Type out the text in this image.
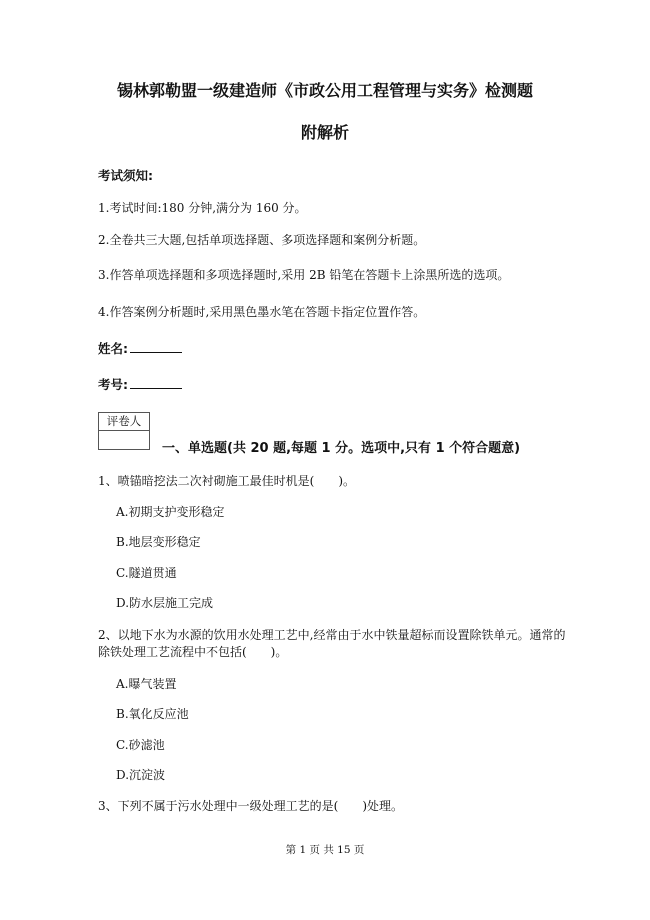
锡林郭勒盟一级建造师《市政公用工程管理与实务》检测题
附解析
考试须知:
1.考试时间:180 分钟,满分为 160 分。
2.全卷共三大题,包括单项选择题、多项选择题和案例分析题。
3.作答单项选择题和多项选择题时,采用 2B 铅笔在答题卡上涂黑所选的选项。
4.作答案例分析题时,采用黑色墨水笔在答题卡指定位置作答。
姓名:
考号:
评卷人
一、单选题(共 20 题,每题 1 分。选项中,只有 1 个符合题意)
1、喷锚暗挖法二次衬砌施工最佳时机是(　　)。
A.初期支护变形稳定
B.地层变形稳定
C.隧道贯通
D.防水层施工完成
2、以地下水为水源的饮用水处理工艺中,经常由于水中铁量超标而设置除铁单元。通常的
除铁处理工艺流程中不包括(　　)。
A.曝气装置
B.氧化反应池
C.砂滤池
D.沉淀波
3、下列不属于污水处理中一级处理工艺的是(　　)处理。
第 1 页 共 15 页
